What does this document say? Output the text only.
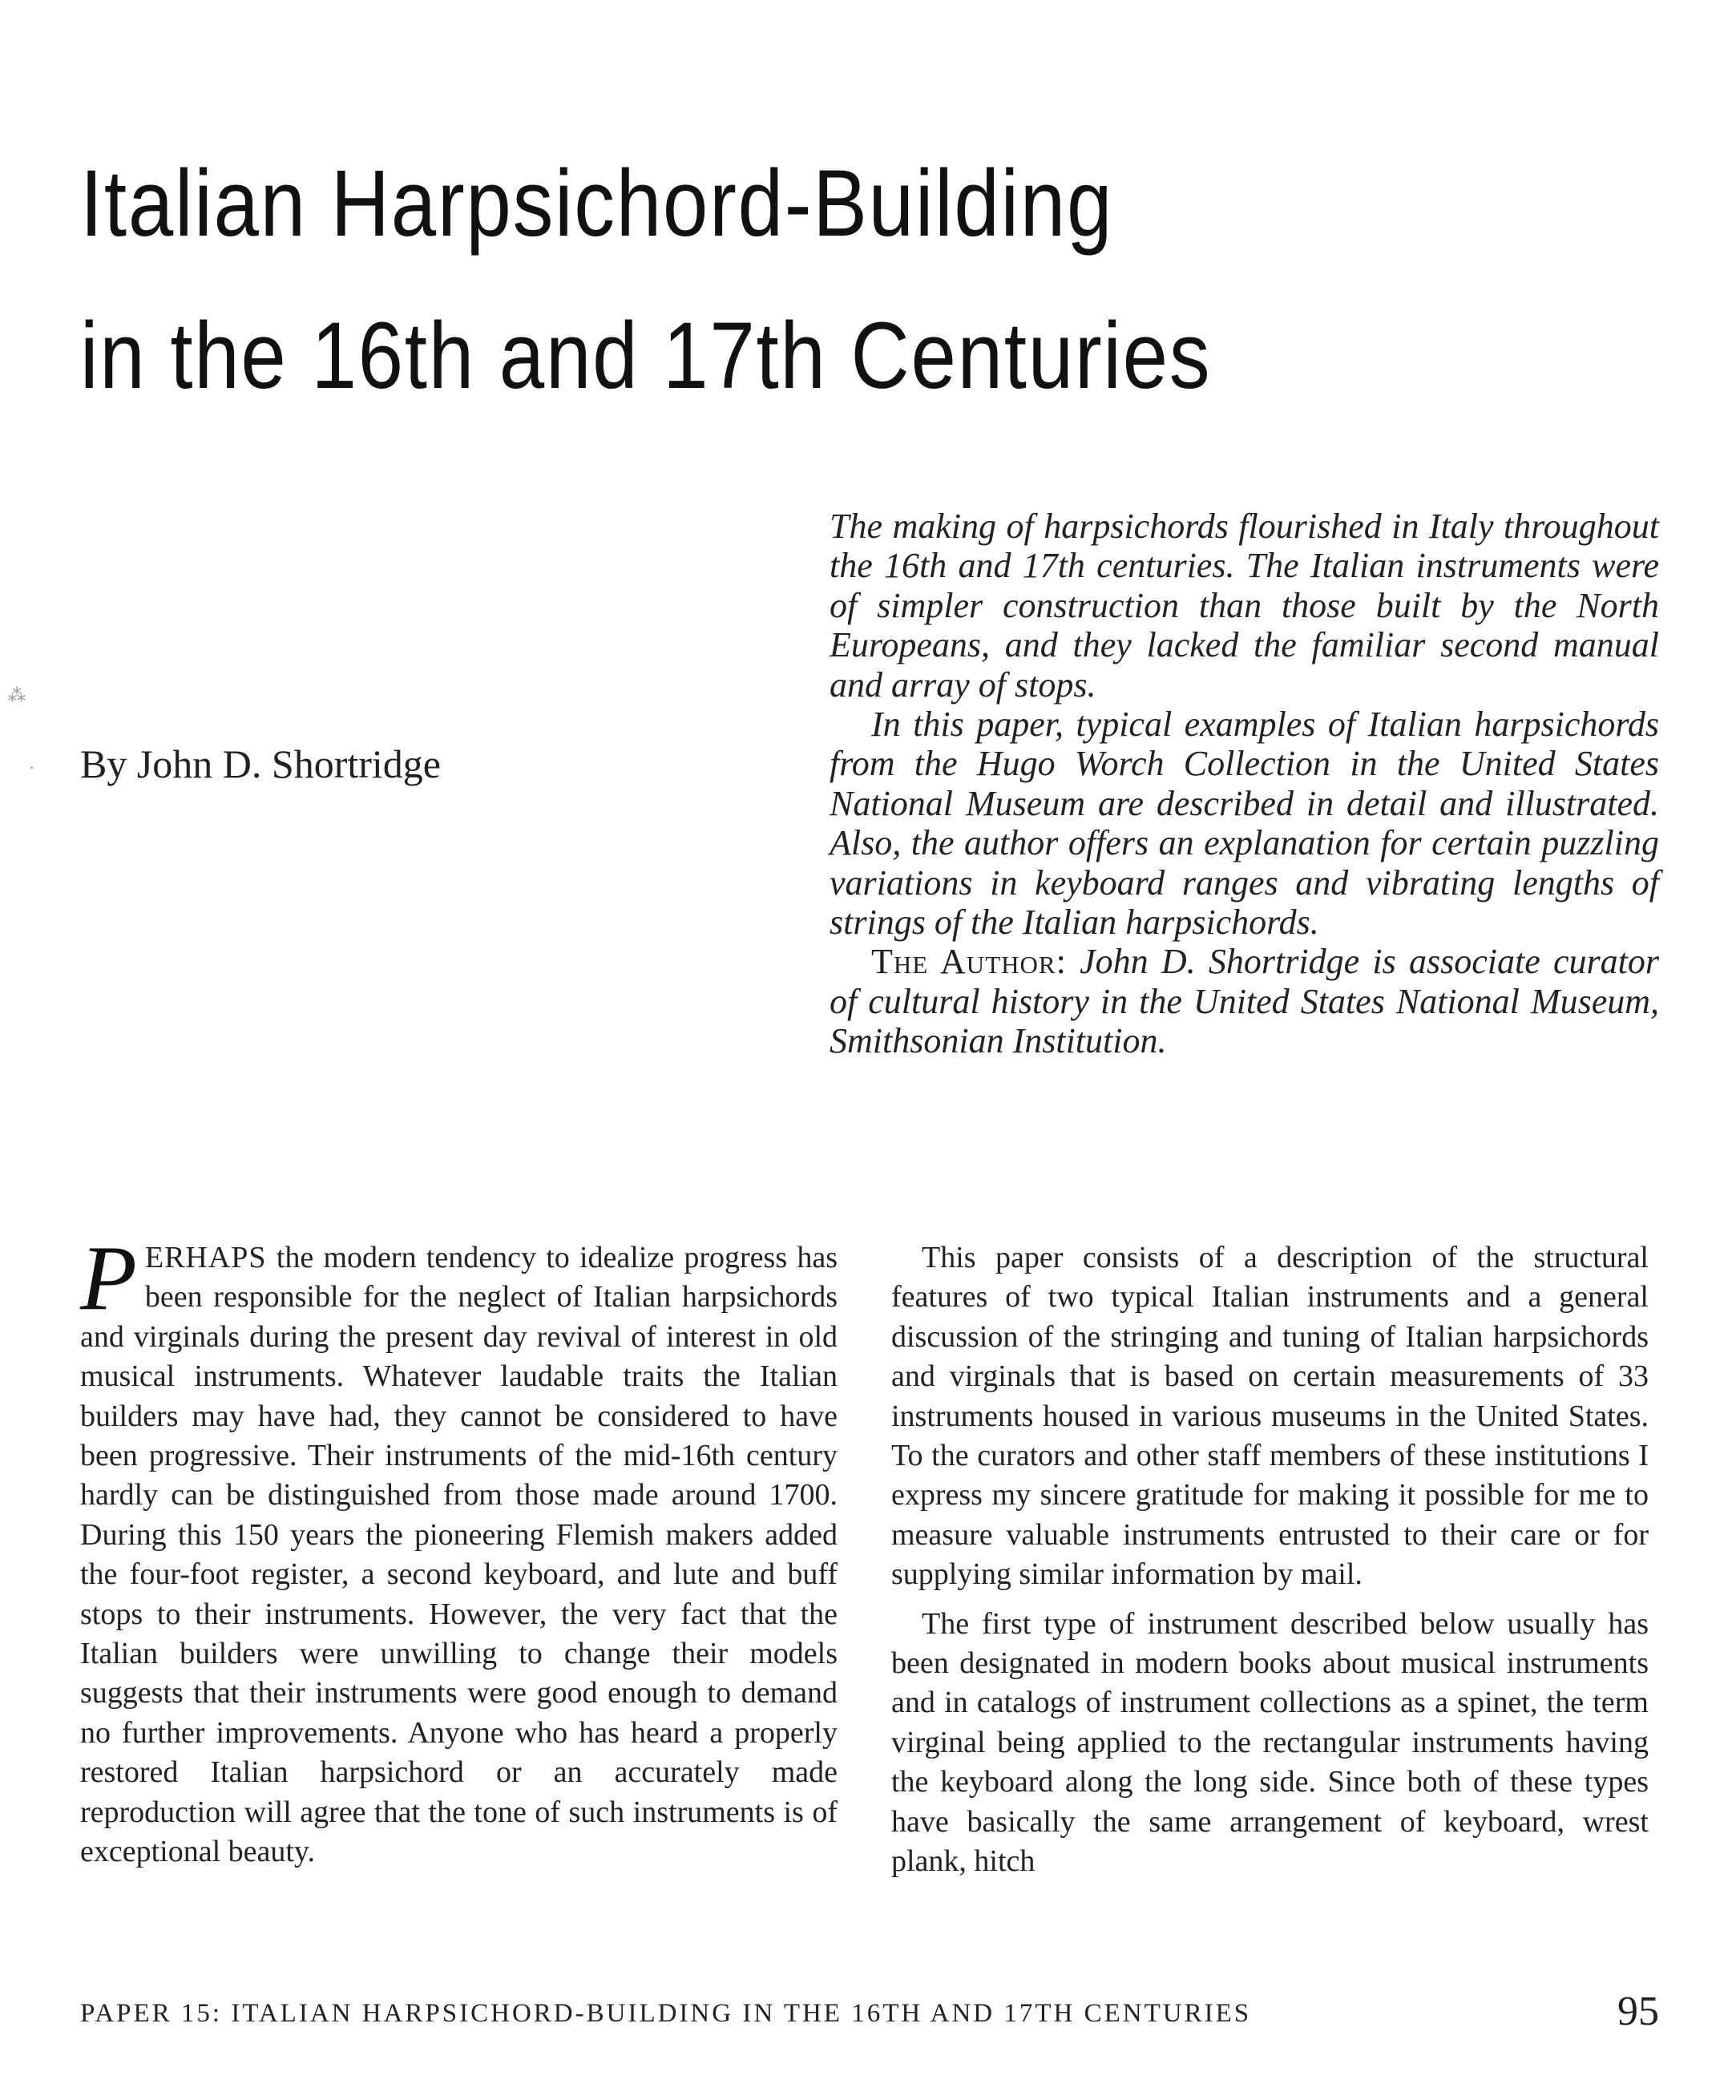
Italian Harpsichord-Building
in the 16th and 17th Centuries
By John D. Shortridge
⁂
·

The making of harpsichords flourished in Italy throughout the 16th and 17th centuries. The Italian instruments were of simpler construction than those built by the North Europeans, and they lacked the familiar second manual and array of stops.

In this paper, typical examples of Italian harpsichords from the Hugo Worch Collection in the United States National Museum are described in detail and illustrated. Also, the author offers an explanation for certain puzzling variations in keyboard ranges and vibrating lengths of strings of the Italian harpsichords.

The Author: John D. Shortridge is associate curator of cultural history in the United States National Museum, Smithsonian Institution.

PERHAPS the modern tendency to idealize progress has been responsible for the neglect of Italian harpsichords and virginals during the present day revival of interest in old musical instruments. Whatever laudable traits the Italian builders may have had, they cannot be considered to have been progressive. Their instruments of the mid-16th century hardly can be distinguished from those made around 1700. During this 150 years the pioneering Flemish makers added the four-foot register, a second keyboard, and lute and buff stops to their instruments. However, the very fact that the Italian builders were unwilling to change their models suggests that their instruments were good enough to demand no further improvements. Anyone who has heard a properly restored Italian harpsichord or an accurately made reproduction will agree that the tone of such instruments is of exceptional beauty.

This paper consists of a description of the structural features of two typical Italian instruments and a general discussion of the stringing and tuning of Italian harpsichords and virginals that is based on certain measurements of 33 instruments housed in various museums in the United States. To the curators and other staff members of these institutions I express my sincere gratitude for making it possible for me to measure valuable instruments entrusted to their care or for supplying similar information by mail.

The first type of instrument described below usually has been designated in modern books about musical instruments and in catalogs of instrument collections as a spinet, the term virginal being applied to the rectangular instruments having the keyboard along the long side. Since both of these types have basically the same arrangement of keyboard, wrest plank, hitch

PAPER 15: ITALIAN HARPSICHORD-BUILDING IN THE 16TH AND 17TH CENTURIES	95
